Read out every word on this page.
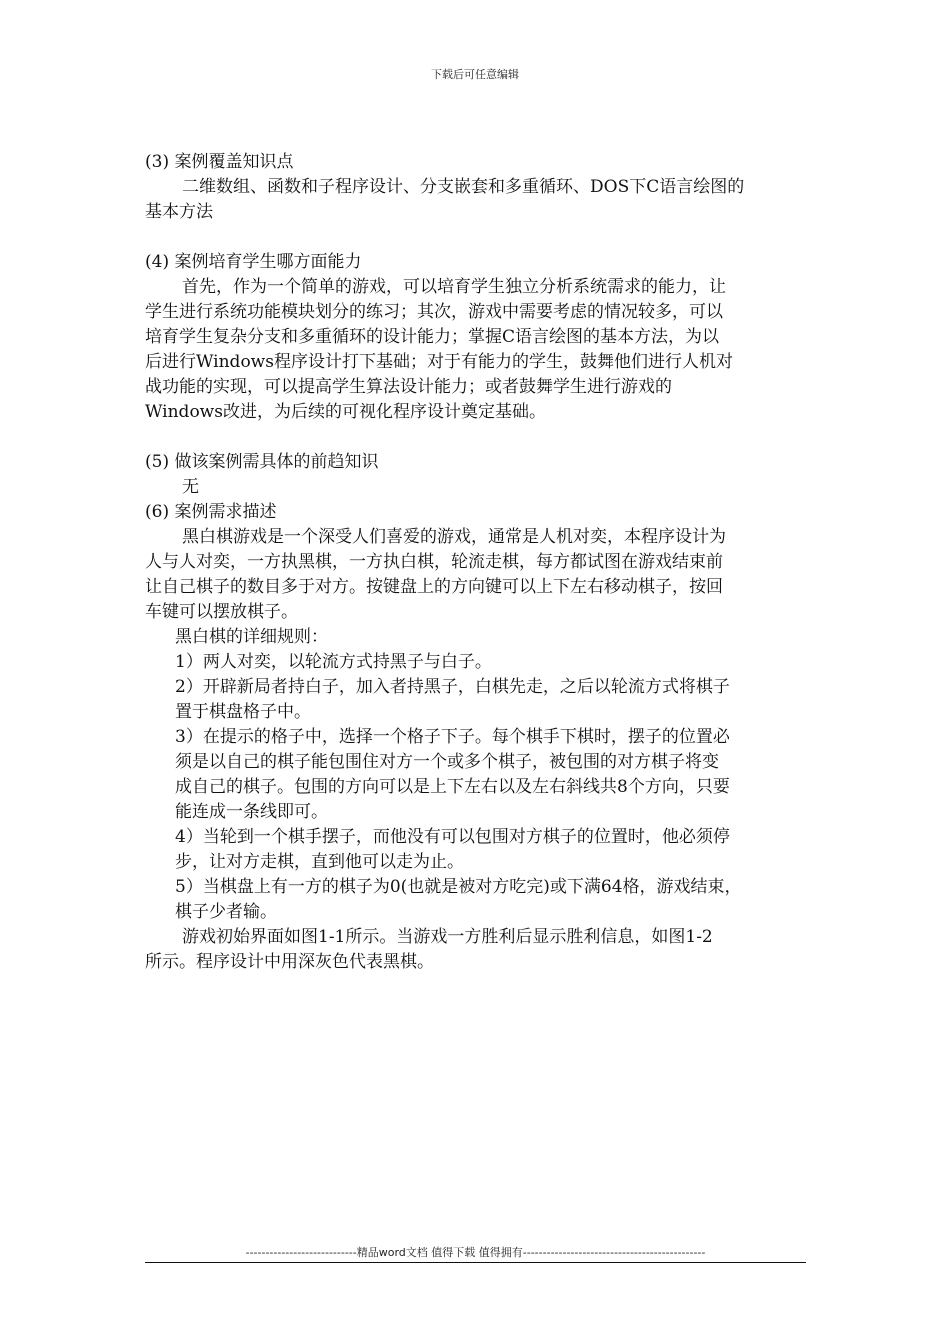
下载后可任意编辑
(3) 案例覆盖知识点
二维数组、函数和子程序设计、分支嵌套和多重循环、DOS下C语言绘图的
基本方法
(4) 案例培育学生哪方面能力
首先，作为一个简单的游戏，可以培育学生独立分析系统需求的能力，让
学生进行系统功能模块划分的练习；其次，游戏中需要考虑的情况较多，可以
培育学生复杂分支和多重循环的设计能力；掌握C语言绘图的基本方法，为以
后进行Windows程序设计打下基础；对于有能力的学生，鼓舞他们进行人机对
战功能的实现，可以提高学生算法设计能力；或者鼓舞学生进行游戏的
Windows改进，为后续的可视化程序设计奠定基础。
(5) 做该案例需具体的前趋知识
无
(6) 案例需求描述
黑白棋游戏是一个深受人们喜爱的游戏，通常是人机对奕，本程序设计为
人与人对奕，一方执黑棋，一方执白棋，轮流走棋，每方都试图在游戏结束前
让自己棋子的数目多于对方。按键盘上的方向键可以上下左右移动棋子，按回
车键可以摆放棋子。
黑白棋的详细规则：
1）两人对奕，以轮流方式持黑子与白子。
2）开辟新局者持白子，加入者持黑子，白棋先走，之后以轮流方式将棋子
置于棋盘格子中。
3）在提示的格子中，选择一个格子下子。每个棋手下棋时，摆子的位置必
须是以自己的棋子能包围住对方一个或多个棋子，被包围的对方棋子将变
成自己的棋子。包围的方向可以是上下左右以及左右斜线共8个方向，只要
能连成一条线即可。
4）当轮到一个棋手摆子，而他没有可以包围对方棋子的位置时，他必须停
步，让对方走棋，直到他可以走为止。
5）当棋盘上有一方的棋子为0(也就是被对方吃完)或下满64格，游戏结束，
棋子少者输。
游戏初始界面如图1-1所示。当游戏一方胜利后显示胜利信息，如图1-2
所示。程序设计中用深灰色代表黑棋。
----------------------------精品word文档 值得下载 值得拥有----------------------------------------------
